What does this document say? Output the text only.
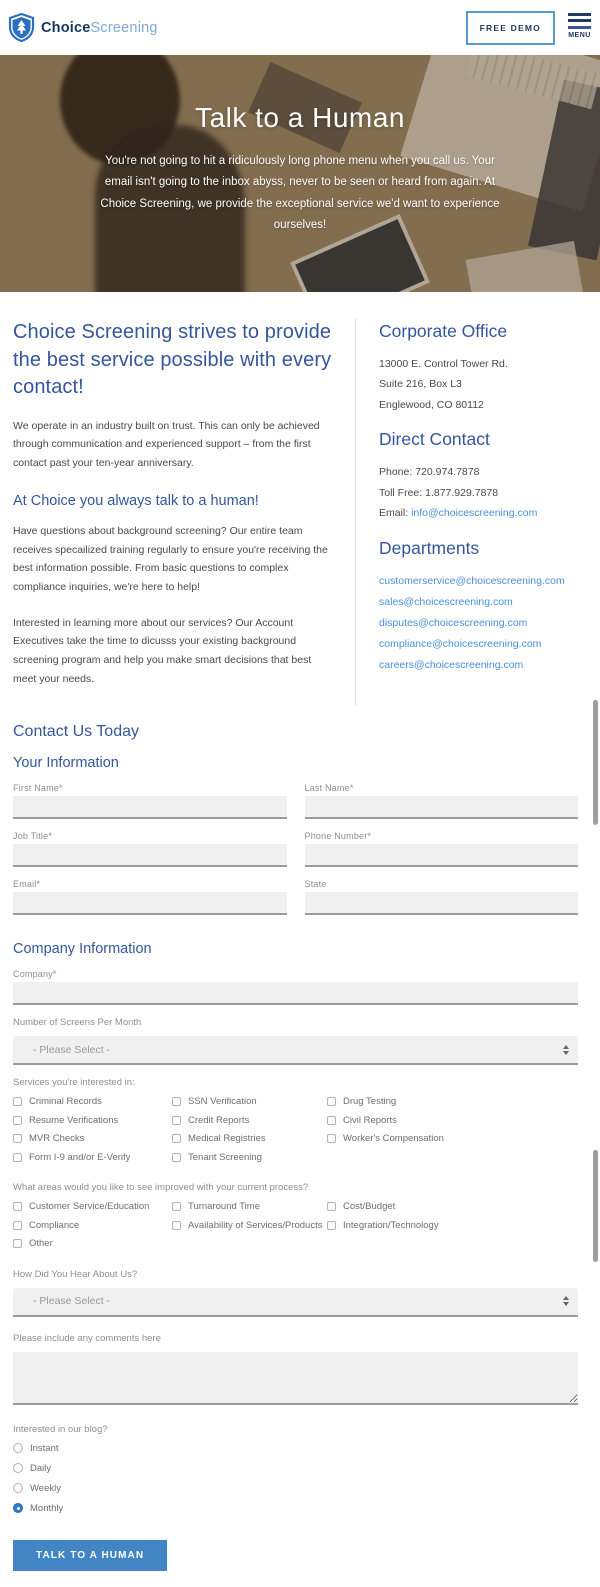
ChoiceScreening	FREE DEMO
MENU
Talk to a Human

You're not going to hit a ridiculously long phone menu when you call us. Your email isn't going to the inbox abyss, never to be seen or heard from again. At Choice Screening, we provide the exceptional service we'd want to experience ourselves!

Choice Screening strives to provide the best service possible with every contact!

We operate in an industry built on trust. This can only be achieved through communication and experienced support – from the first contact past your ten-year anniversary.

At Choice you always talk to a human!

Have questions about background screening? Our entire team receives specailized training regularly to ensure you're receiving the best information possible. From basic questions to complex compliance inquiries, we're here to help!

Interested in learning more about our services? Our Account Executives take the time to dicusss your existing background screening program and help you make smart decisions that best meet your needs.

Corporate Office
13000 E. Control Tower Rd.
Suite 216, Box L3
Englewood, CO 80112
Direct Contact
Phone: 720.974.7878
Toll Free: 1.877.929.7878
Email: info@choicescreening.com
Departments
customerservice@choicescreening.com
sales@choicescreening.com
disputes@choicescreening.com
compliance@choicescreening.com
careers@choicescreening.com
Contact Us Today
Your Information
First Name*	Last Name*
Job Title*	Phone Number*
Email*	State
Company Information
Company*
Number of Screens Per Month
- Please Select -
Services you're interested in:
Criminal Records
Resume Verifications
MVR Checks
Form I-9 and/or E-Verify
SSN Verification
Credit Reports
Medical Registries
Tenant Screening
Drug Testing
Civil Reports
Worker's Compensation
What areas would you like to see improved with your current process?
Customer Service/Education
Compliance
Other
Turnaround Time
Availability of Services/Products
Cost/Budget
Integration/Technology
How Did You Hear About Us?
- Please Select -
Please include any comments here
Interested in our blog?
Instant
Daily
Weekly
Monthly
TALK TO A HUMAN
